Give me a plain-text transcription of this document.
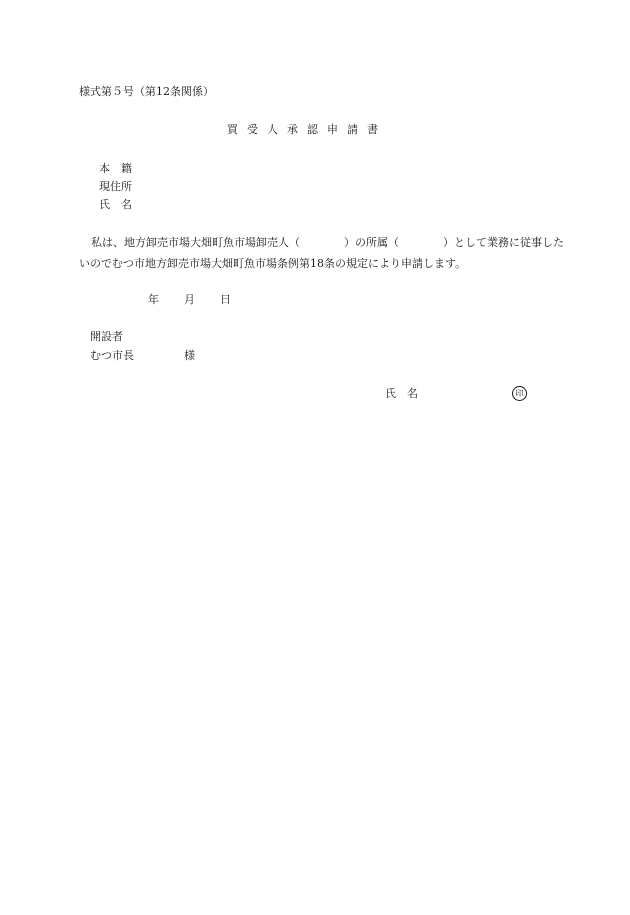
様式第５号（第12条関係）
買受人承認申請書
本　籍
現住所
氏　名
私は、地方卸売市場大畑町魚市場卸売人（　　　　）の所属（　　　　）として業務に従事した
いのでむつ市地方卸売市場大畑町魚市場条例第18条の規定により申請します。
年 月 日
開設者
むつ市長	様
氏　名	印
